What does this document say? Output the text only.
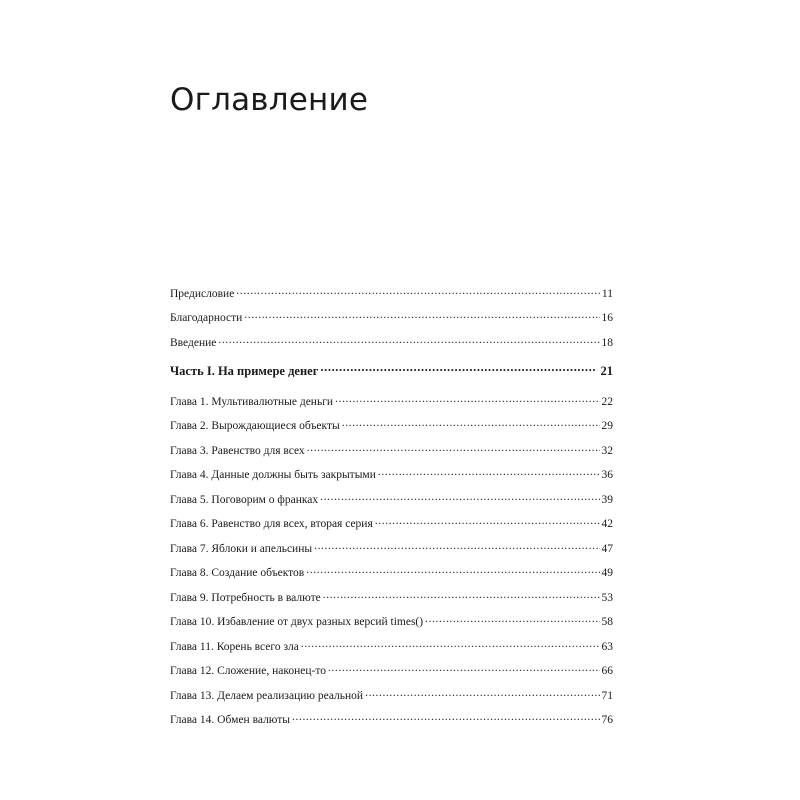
Оглавление
Предисловие .....	11
Благодарности .....	16
Введение .....	18
Часть I. На примере денег .....	21
Глава 1. Мультивалютные деньги .....	22
Глава 2. Вырождающиеся объекты .....	29
Глава 3. Равенство для всех .....	32
Глава 4. Данные должны быть закрытыми .....	36
Глава 5. Поговорим о франках .....	39
Глава 6. Равенство для всех, вторая серия .....	42
Глава 7. Яблоки и апельсины .....	47
Глава 8. Создание объектов .....	49
Глава 9. Потребность в валюте .....	53
Глава 10. Избавление от двух разных версий times() .....	58
Глава 11. Корень всего зла .....	63
Глава 12. Сложение, наконец-то .....	66
Глава 13. Делаем реализацию реальной .....	71
Глава 14. Обмен валюты .....	76
